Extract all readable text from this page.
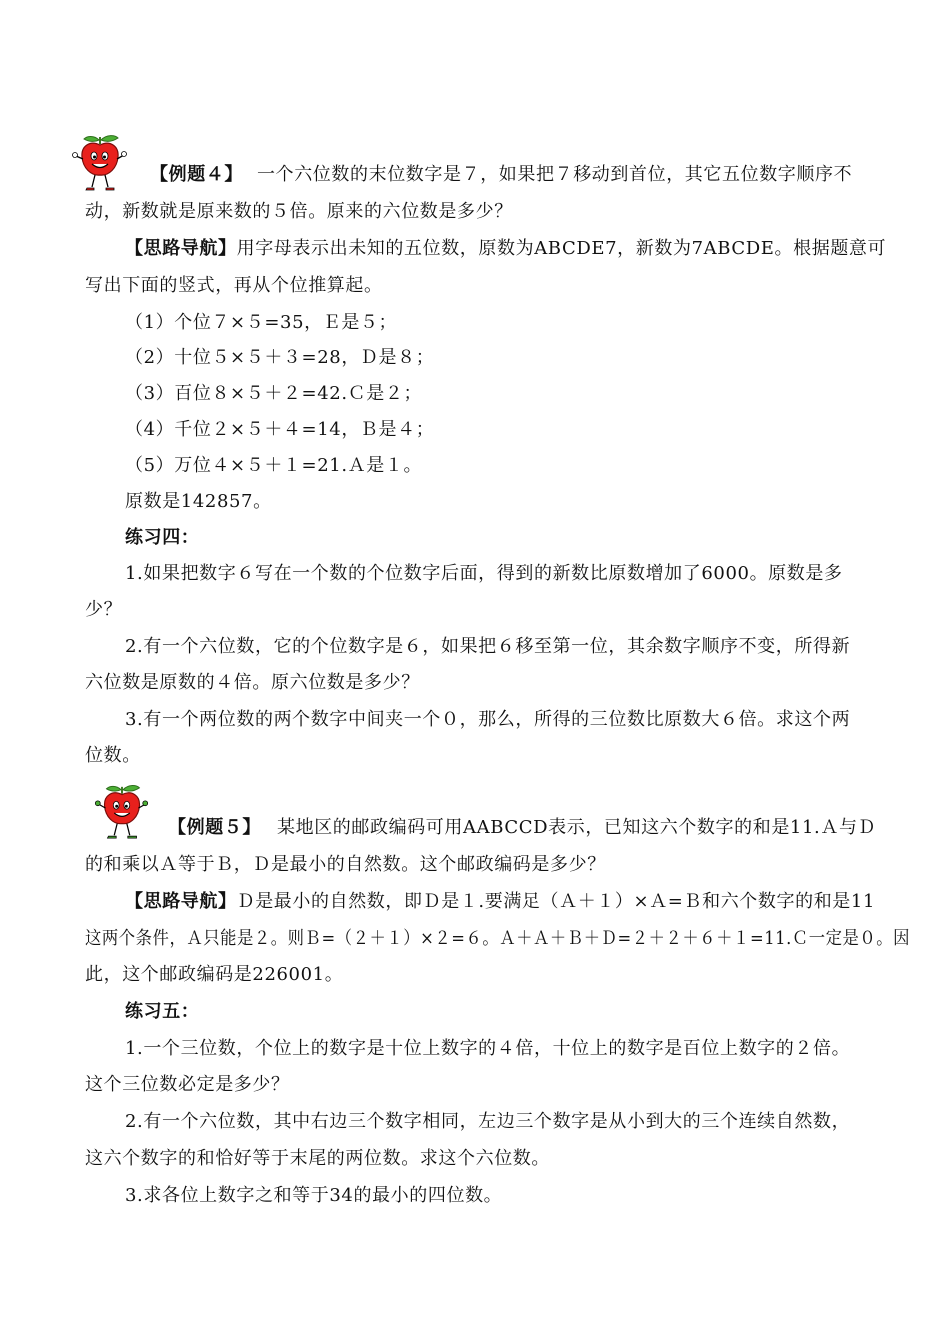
【例题４】 一个六位数的末位数字是７，如果把７移动到首位，其它五位数字顺序不
动，新数就是原来数的５倍。原来的六位数是多少？
【思路导航】用字母表示出未知的五位数，原数为ABCDE7，新数为7ABCDE。根据题意可
写出下面的竖式，再从个位推算起。
（1）个位７×５=35，Ｅ是５；
（2）十位５×５＋３=28，Ｄ是８；
（3）百位８×５＋２=42.Ｃ是２；
（4）千位２×５＋４=14，Ｂ是４；
（5）万位４×５＋１=21.Ａ是１。
原数是142857。
练习四：
1.如果把数字６写在一个数的个位数字后面，得到的新数比原数增加了6000。原数是多
少？
2.有一个六位数，它的个位数字是６，如果把６移至第一位，其余数字顺序不变，所得新
六位数是原数的４倍。原六位数是多少？
3.有一个两位数的两个数字中间夹一个０，那么，所得的三位数比原数大６倍。求这个两
位数。
【例题５】 某地区的邮政编码可用AABCCD表示，已知这六个数字的和是11.Ａ与Ｄ
的和乘以Ａ等于Ｂ，Ｄ是最小的自然数。这个邮政编码是多少？
【思路导航】Ｄ是最小的自然数，即Ｄ是１.要满足（Ａ＋１）×Ａ=Ｂ和六个数字的和是11
这两个条件，Ａ只能是２。则Ｂ=（２＋１）×２=６。Ａ＋Ａ＋Ｂ＋Ｄ=２＋２＋６＋１=11.Ｃ一定是０。因
此，这个邮政编码是226001。
练习五：
1.一个三位数，个位上的数字是十位上数字的４倍，十位上的数字是百位上数字的２倍。
这个三位数必定是多少？
2.有一个六位数，其中右边三个数字相同，左边三个数字是从小到大的三个连续自然数，
这六个数字的和恰好等于末尾的两位数。求这个六位数。
3.求各位上数字之和等于34的最小的四位数。
